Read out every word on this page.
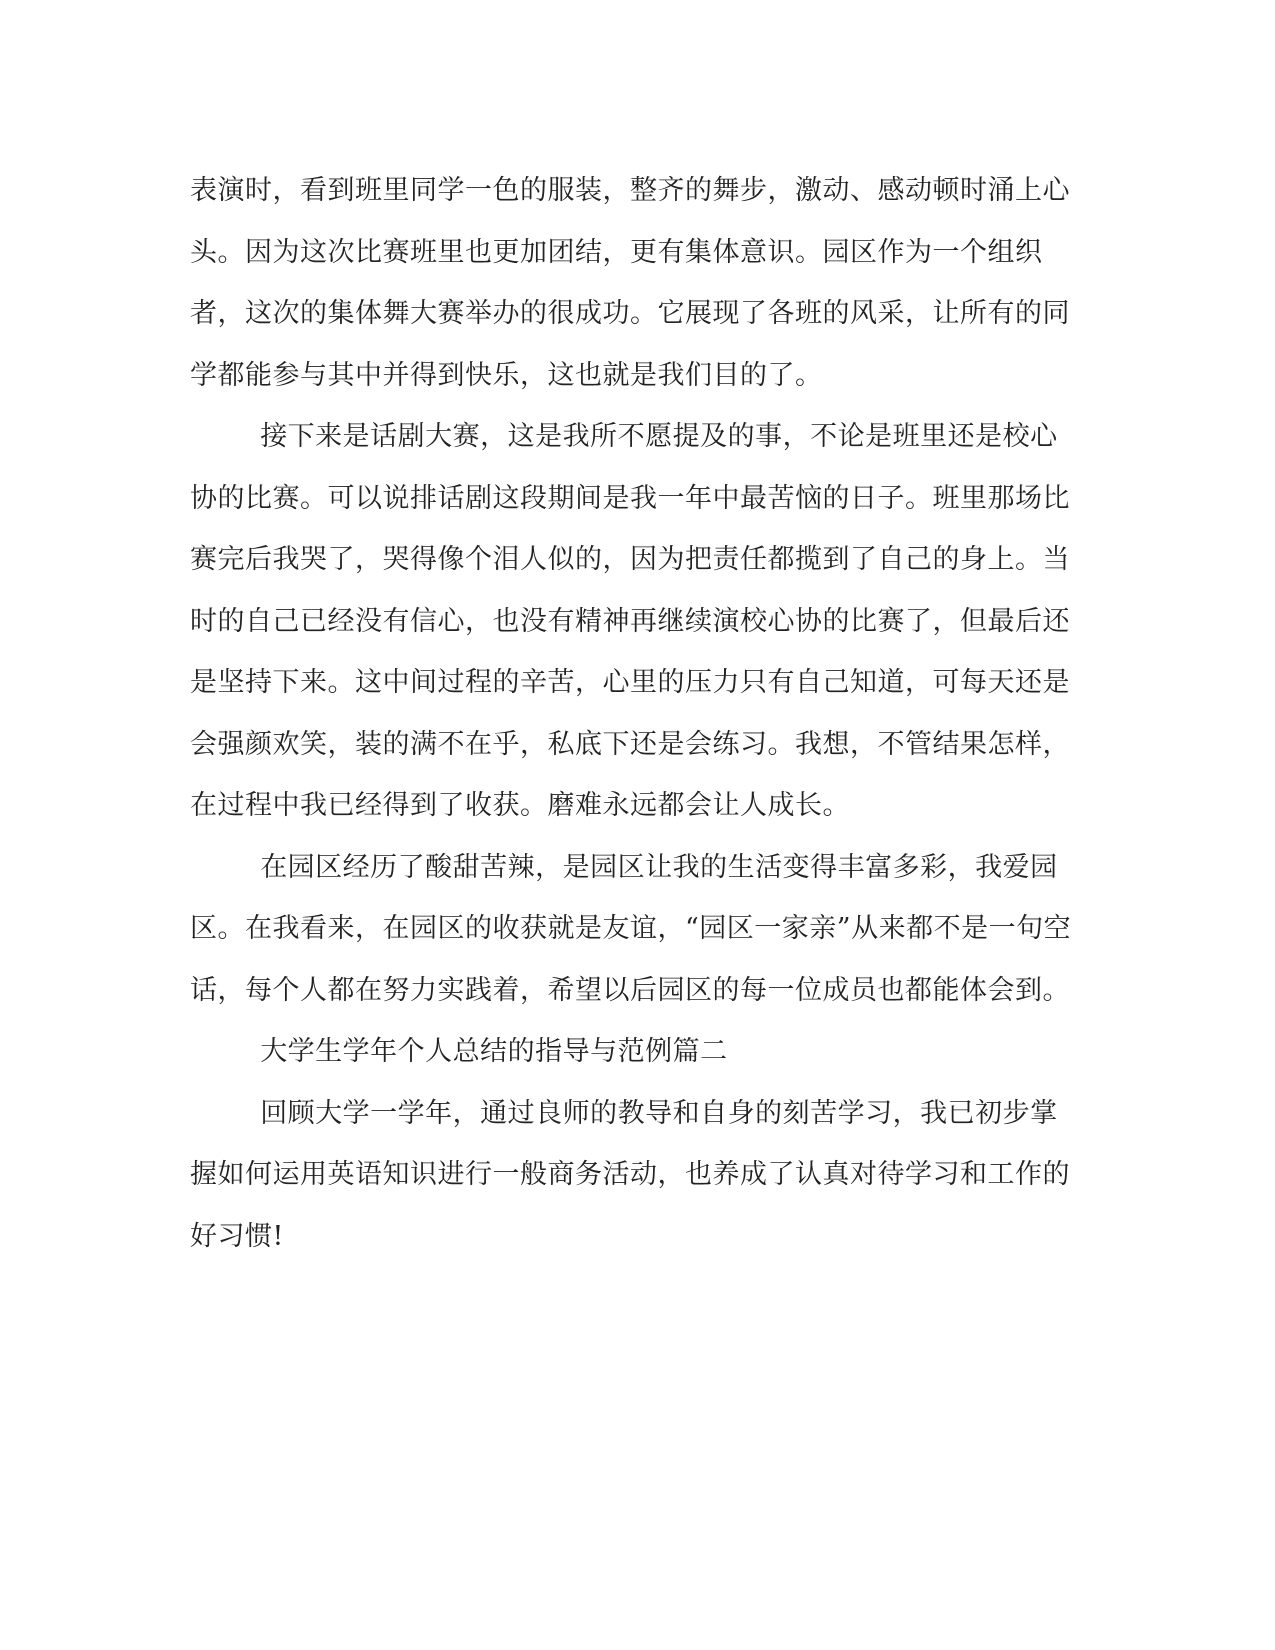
表演时，看到班里同学一色的服装，整齐的舞步，激动、感动顿时涌上心头。因为这次比赛班里也更加团结，更有集体意识。园区作为一个组织者，这次的集体舞大赛举办的很成功。它展现了各班的风采，让所有的同学都能参与其中并得到快乐，这也就是我们目的了。

接下来是话剧大赛，这是我所不愿提及的事，不论是班里还是校心协的比赛。可以说排话剧这段期间是我一年中最苦恼的日子。班里那场比赛完后我哭了，哭得像个泪人似的，因为把责任都揽到了自己的身上。当时的自己已经没有信心，也没有精神再继续演校心协的比赛了，但最后还是坚持下来。这中间过程的辛苦，心里的压力只有自己知道，可每天还是会强颜欢笑，装的满不在乎，私底下还是会练习。我想，不管结果怎样，在过程中我已经得到了收获。磨难永远都会让人成长。

在园区经历了酸甜苦辣，是园区让我的生活变得丰富多彩，我爱园区。在我看来，在园区的收获就是友谊，“园区一家亲”从来都不是一句空话，每个人都在努力实践着，希望以后园区的每一位成员也都能体会到。

大学生学年个人总结的指导与范例篇二

回顾大学一学年，通过良师的教导和自身的刻苦学习，我已初步掌握如何运用英语知识进行一般商务活动，也养成了认真对待学习和工作的好习惯!
